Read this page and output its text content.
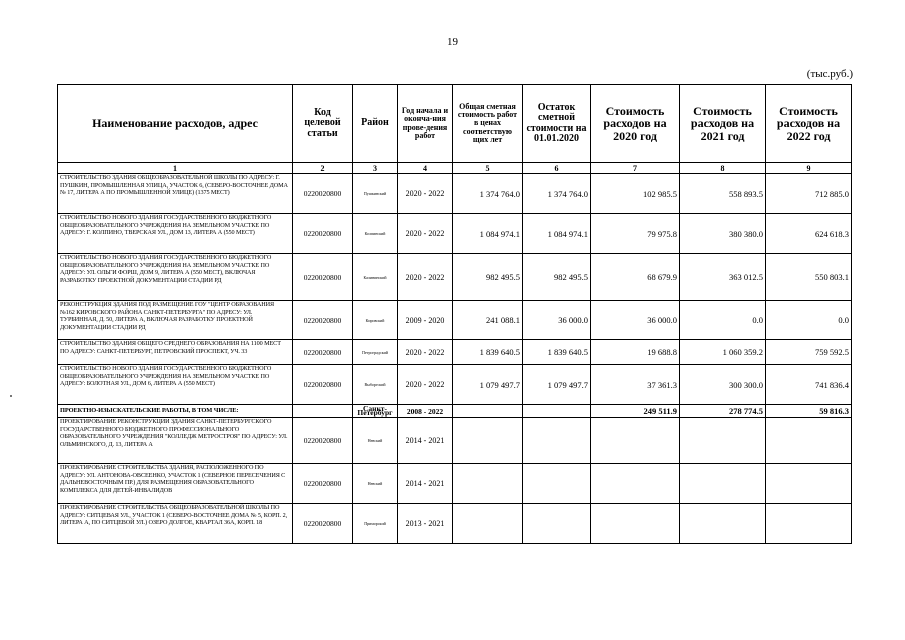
19
(тыс.руб.)
Наименование расходов, адрес	Код целевой статьи	Район	Год начала и оконча-ния прове-дения работ	Общая сметная стоимость работ в ценах соответствую щих лет	Остаток сметной стоимости на 01.01.2020	Стоимость расходов на 2020 год	Стоимость расходов на 2021 год	Стоимость расходов на 2022 год
1	2	3	4	5	6	7	8	9
СТРОИТЕЛЬСТВО ЗДАНИЯ ОБЩЕОБРАЗОВАТЕЛЬНОЙ ШКОЛЫ ПО АДРЕСУ: Г. ПУШКИН, ПРОМЫШЛЕННАЯ УЛИЦА, УЧАСТОК 6, (СЕВЕРО-ВОСТОЧНЕЕ ДОМА № 17, ЛИТЕРА А ПО ПРОМЫШЛЕННОЙ УЛИЦЕ) (1375 МЕСТ)	0220020800	Пушкинский	2020 - 2022	1 374 764.0	1 374 764.0	102 985.5	558 893.5	712 885.0
СТРОИТЕЛЬСТВО НОВОГО ЗДАНИЯ ГОСУДАРСТВЕННОГО БЮДЖЕТНОГО ОБЩЕОБРАЗОВАТЕЛЬНОГО УЧРЕЖДЕНИЯ НА ЗЕМЕЛЬНОМ УЧАСТКЕ ПО АДРЕСУ: Г. КОЛПИНО, ТВЕРСКАЯ УЛ., ДОМ 13, ЛИТЕРА А (550 МЕСТ)	0220020800	Колпинский	2020 - 2022	1 084 974.1	1 084 974.1	79 975.8	380 380.0	624 618.3
СТРОИТЕЛЬСТВО НОВОГО ЗДАНИЯ ГОСУДАРСТВЕННОГО БЮДЖЕТНОГО ОБЩЕОБРАЗОВАТЕЛЬНОГО УЧРЕЖДЕНИЯ НА ЗЕМЕЛЬНОМ УЧАСТКЕ ПО АДРЕСУ: УЛ. ОЛЬГИ ФОРШ, ДОМ 9, ЛИТЕРА А (550 МЕСТ), ВКЛЮЧАЯ РАЗРАБОТКУ ПРОЕКТНОЙ ДОКУМЕНТАЦИИ СТАДИИ РД	0220020800	Калининский	2020 - 2022	982 495.5	982 495.5	68 679.9	363 012.5	550 803.1
РЕКОНСТРУКЦИЯ ЗДАНИЯ ПОД РАЗМЕЩЕНИЕ ГОУ "ЦЕНТР ОБРАЗОВАНИЯ №162 КИРОВСКОГО РАЙОНА САНКТ-ПЕТЕРБУРГА" ПО АДРЕСУ: УЛ. ТУРБИННАЯ, Д. 50, ЛИТЕРА А, ВКЛЮЧАЯ РАЗРАБОТКУ ПРОЕКТНОЙ ДОКУМЕНТАЦИИ СТАДИИ РД	0220020800	Кировский	2009 - 2020	241 088.1	36 000.0	36 000.0	0.0	0.0
СТРОИТЕЛЬСТВО ЗДАНИЯ ОБЩЕГО СРЕДНЕГО ОБРАЗОВАНИЯ НА 1100 МЕСТ ПО АДРЕСУ: САНКТ-ПЕТЕРБУРГ, ПЕТРОВСКИЙ ПРОСПЕКТ, УЧ. 33	0220020800	Петроградский	2020 - 2022	1 839 640.5	1 839 640.5	19 688.8	1 060 359.2	759 592.5
СТРОИТЕЛЬСТВО НОВОГО ЗДАНИЯ ГОСУДАРСТВЕННОГО БЮДЖЕТНОГО ОБЩЕОБРАЗОВАТЕЛЬНОГО УЧРЕЖДЕНИЯ НА ЗЕМЕЛЬНОМ УЧАСТКЕ ПО АДРЕСУ: БОЛОТНАЯ УЛ., ДОМ 6, ЛИТЕРА А (550 МЕСТ)	0220020800	Выборгский	2020 - 2022	1 079 497.7	1 079 497.7	37 361.3	300 300.0	741 836.4
ПРОЕКТНО-ИЗЫСКАТЕЛЬСКИЕ РАБОТЫ, В ТОМ ЧИСЛЕ:		Санкт-Петербург	2008 - 2022			249 511.9	278 774.5	59 816.3
ПРОЕКТИРОВАНИЕ РЕКОНСТРУКЦИИ ЗДАНИЯ САНКТ-ПЕТЕРБУРГСКОГО ГОСУДАРСТВЕННОГО БЮДЖЕТНОГО ПРОФЕССИОНАЛЬНОГО ОБРАЗОВАТЕЛЬНОГО УЧРЕЖДЕНИЯ "КОЛЛЕДЖ МЕТРОСТРОЯ" ПО АДРЕСУ: УЛ. ОЛЬМИНСКОГО, Д. 13, ЛИТЕРА А	0220020800	Невский	2014 - 2021					
ПРОЕКТИРОВАНИЕ СТРОИТЕЛЬСТВА ЗДАНИЯ, РАСПОЛОЖЕННОГО ПО АДРЕСУ: УЛ. АНТОНОВА-ОВСЕЕНКО, УЧАСТОК 1 (СЕВЕРНОЕ ПЕРЕСЕЧЕНИЯ С ДАЛЬНЕВОСТОЧНЫМ ПР.) ДЛЯ РАЗМЕЩЕНИЯ ОБРАЗОВАТЕЛЬНОГО КОМПЛЕКСА ДЛЯ ДЕТЕЙ-ИНВАЛИДОВ	0220020800	Невский	2014 - 2021					
ПРОЕКТИРОВАНИЕ СТРОИТЕЛЬСТВА ОБЩЕОБРАЗОВАТЕЛЬНОЙ ШКОЛЫ ПО АДРЕСУ: СИТЦЕВАЯ УЛ., УЧАСТОК 1 (СЕВЕРО-ВОСТОЧНЕЕ ДОМА № 5, КОРП. 2, ЛИТЕРА А, ПО СИТЦЕВОЙ УЛ.) ОЗЕРО ДОЛГОЕ, КВАРТАЛ 36А, КОРП. 18	0220020800	Приморский	2013 - 2021					
